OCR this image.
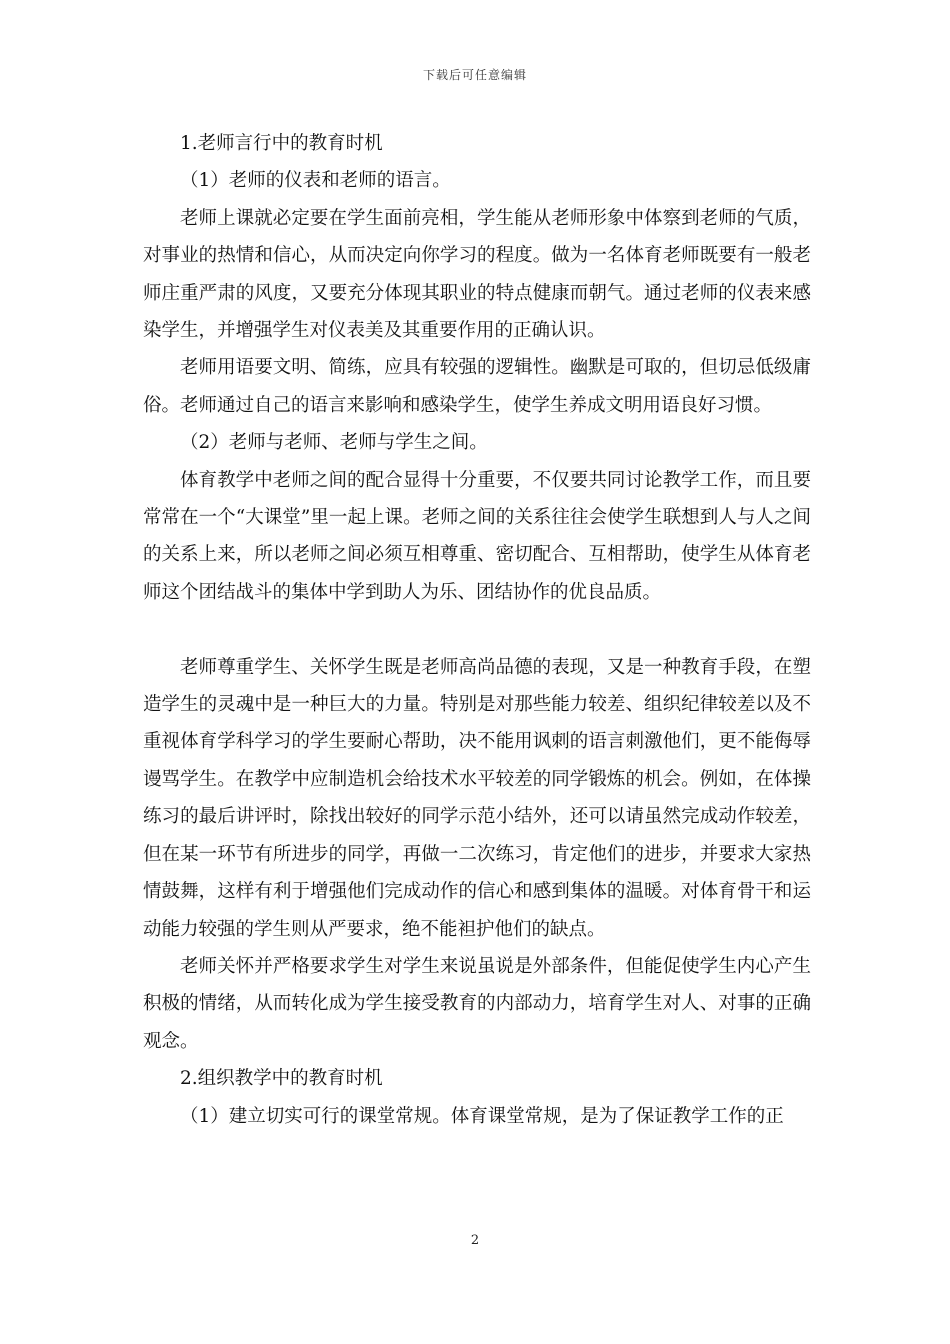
下载后可任意编辑

1.老师言行中的教育时机

（1）老师的仪表和老师的语言。

老师上课就必定要在学生面前亮相，学生能从老师形象中体察到老师的气质，对事业的热情和信心，从而决定向你学习的程度。做为一名体育老师既要有一般老师庄重严肃的风度，又要充分体现其职业的特点健康而朝气。通过老师的仪表来感染学生，并增强学生对仪表美及其重要作用的正确认识。

老师用语要文明、简练，应具有较强的逻辑性。幽默是可取的，但切忌低级庸俗。老师通过自己的语言来影响和感染学生，使学生养成文明用语良好习惯。

（2）老师与老师、老师与学生之间。

体育教学中老师之间的配合显得十分重要，不仅要共同讨论教学工作，而且要常常在一个“大课堂”里一起上课。老师之间的关系往往会使学生联想到人与人之间的关系上来，所以老师之间必须互相尊重、密切配合、互相帮助，使学生从体育老师这个团结战斗的集体中学到助人为乐、团结协作的优良品质。

老师尊重学生、关怀学生既是老师高尚品德的表现，又是一种教育手段，在塑造学生的灵魂中是一种巨大的力量。特别是对那些能力较差、组织纪律较差以及不重视体育学科学习的学生要耐心帮助，决不能用讽刺的语言刺激他们，更不能侮辱谩骂学生。在教学中应制造机会给技术水平较差的同学锻炼的机会。例如，在体操练习的最后讲评时，除找出较好的同学示范小结外，还可以请虽然完成动作较差，但在某一环节有所进步的同学，再做一二次练习，肯定他们的进步，并要求大家热情鼓舞，这样有利于增强他们完成动作的信心和感到集体的温暖。对体育骨干和运动能力较强的学生则从严要求，绝不能袒护他们的缺点。

老师关怀并严格要求学生对学生来说虽说是外部条件，但能促使学生内心产生积极的情绪，从而转化成为学生接受教育的内部动力，培育学生对人、对事的正确观念。

2.组织教学中的教育时机

（1）建立切实可行的课堂常规。体育课堂常规，是为了保证教学工作的正

2
